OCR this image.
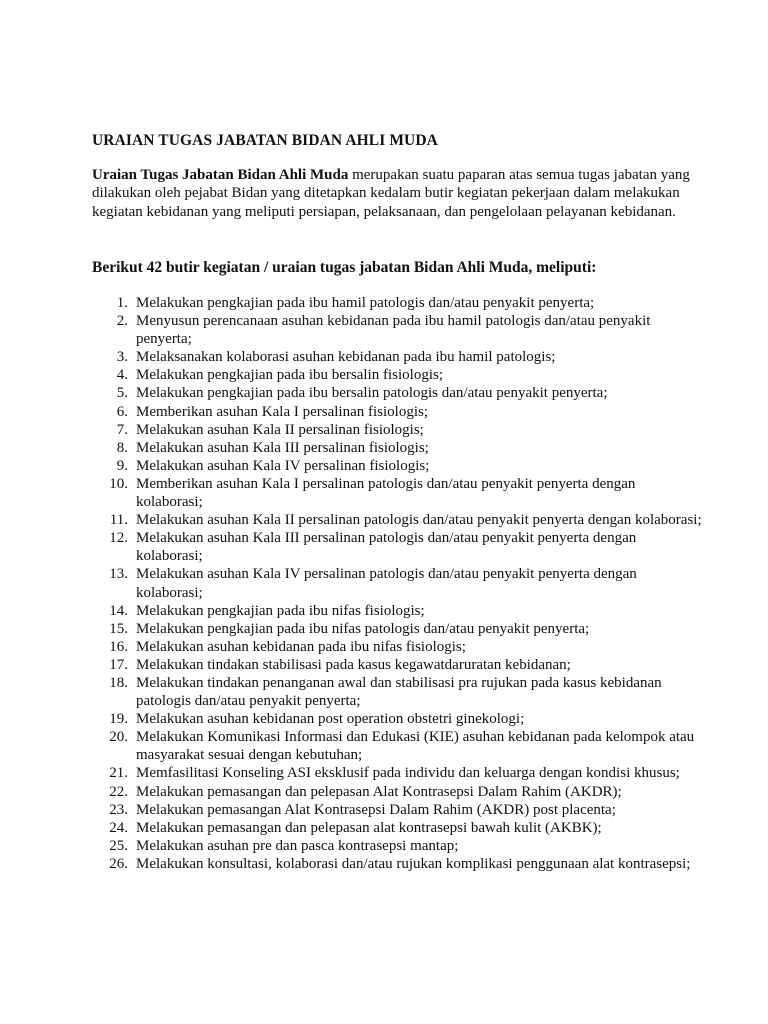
URAIAN TUGAS JABATAN BIDAN AHLI MUDA

Uraian Tugas Jabatan Bidan Ahli Muda merupakan suatu paparan atas semua tugas jabatan yang dilakukan oleh pejabat Bidan yang ditetapkan kedalam butir kegiatan pekerjaan dalam melakukan kegiatan kebidanan yang meliputi persiapan, pelaksanaan, dan pengelolaan pelayanan kebidanan.

Berikut 42 butir kegiatan / uraian tugas jabatan Bidan Ahli Muda, meliputi:
1. Melakukan pengkajian pada ibu hamil patologis dan/atau penyakit penyerta;
2. Menyusun perencanaan asuhan kebidanan pada ibu hamil patologis dan/atau penyakit penyerta;
3. Melaksanakan kolaborasi asuhan kebidanan pada ibu hamil patologis;
4. Melakukan pengkajian pada ibu bersalin fisiologis;
5. Melakukan pengkajian pada ibu bersalin patologis dan/atau penyakit penyerta;
6. Memberikan asuhan Kala I persalinan fisiologis;
7. Melakukan asuhan Kala II persalinan fisiologis;
8. Melakukan asuhan Kala III persalinan fisiologis;
9. Melakukan asuhan Kala IV persalinan fisiologis;
10. Memberikan asuhan Kala I persalinan patologis dan/atau penyakit penyerta dengan kolaborasi;
11. Melakukan asuhan Kala II persalinan patologis dan/atau penyakit penyerta dengan kolaborasi;
12. Melakukan asuhan Kala III persalinan patologis dan/atau penyakit penyerta dengan kolaborasi;
13. Melakukan asuhan Kala IV persalinan patologis dan/atau penyakit penyerta dengan kolaborasi;
14. Melakukan pengkajian pada ibu nifas fisiologis;
15. Melakukan pengkajian pada ibu nifas patologis dan/atau penyakit penyerta;
16. Melakukan asuhan kebidanan pada ibu nifas fisiologis;
17. Melakukan tindakan stabilisasi pada kasus kegawatdaruratan kebidanan;
18. Melakukan tindakan penanganan awal dan stabilisasi pra rujukan pada kasus kebidanan patologis dan/atau penyakit penyerta;
19. Melakukan asuhan kebidanan post operation obstetri ginekologi;
20. Melakukan Komunikasi Informasi dan Edukasi (KIE) asuhan kebidanan pada kelompok atau masyarakat sesuai dengan kebutuhan;
21. Memfasilitasi Konseling ASI eksklusif pada individu dan keluarga dengan kondisi khusus;
22. Melakukan pemasangan dan pelepasan Alat Kontrasepsi Dalam Rahim (AKDR);
23. Melakukan pemasangan Alat Kontrasepsi Dalam Rahim (AKDR) post placenta;
24. Melakukan pemasangan dan pelepasan alat kontrasepsi bawah kulit (AKBK);
25. Melakukan asuhan pre dan pasca kontrasepsi mantap;
26. Melakukan konsultasi, kolaborasi dan/atau rujukan komplikasi penggunaan alat kontrasepsi;
